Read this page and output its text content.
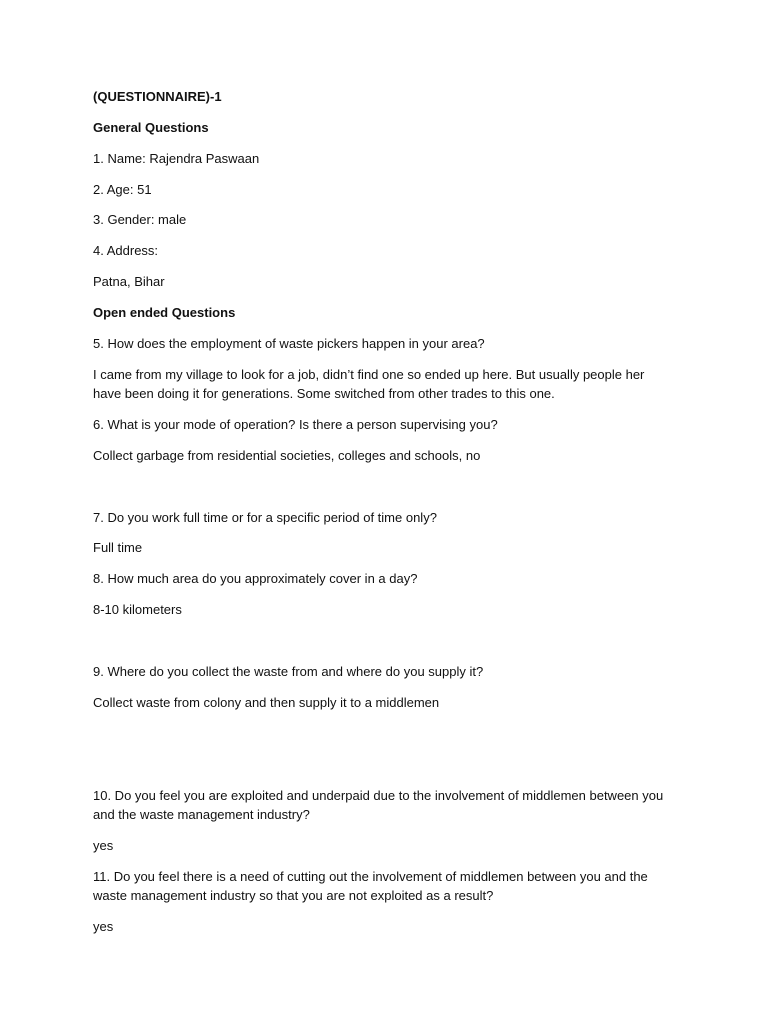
(QUESTIONNAIRE)-1
General Questions
1. Name: Rajendra Paswaan
2. Age: 51
3. Gender: male
4. Address:
Patna, Bihar
Open ended Questions
5. How does the employment of waste pickers happen in your area?
I came from my village to look for a job, didn’t find one so ended up here. But usually people her
have been doing it for generations. Some switched from other trades to this one.
6. What is your mode of operation? Is there a person supervising you?
Collect garbage from residential societies, colleges and schools, no
7. Do you work full time or for a specific period of time only?
Full time
8. How much area do you approximately cover in a day?
8-10 kilometers
9. Where do you collect the waste from and where do you supply it?
Collect waste from colony and then supply it to a middlemen
10. Do you feel you are exploited and underpaid due to the involvement of middlemen between you
and the waste management industry?
yes
11. Do you feel there is a need of cutting out the involvement of middlemen between you and the
waste management industry so that you are not exploited as a result?
yes
